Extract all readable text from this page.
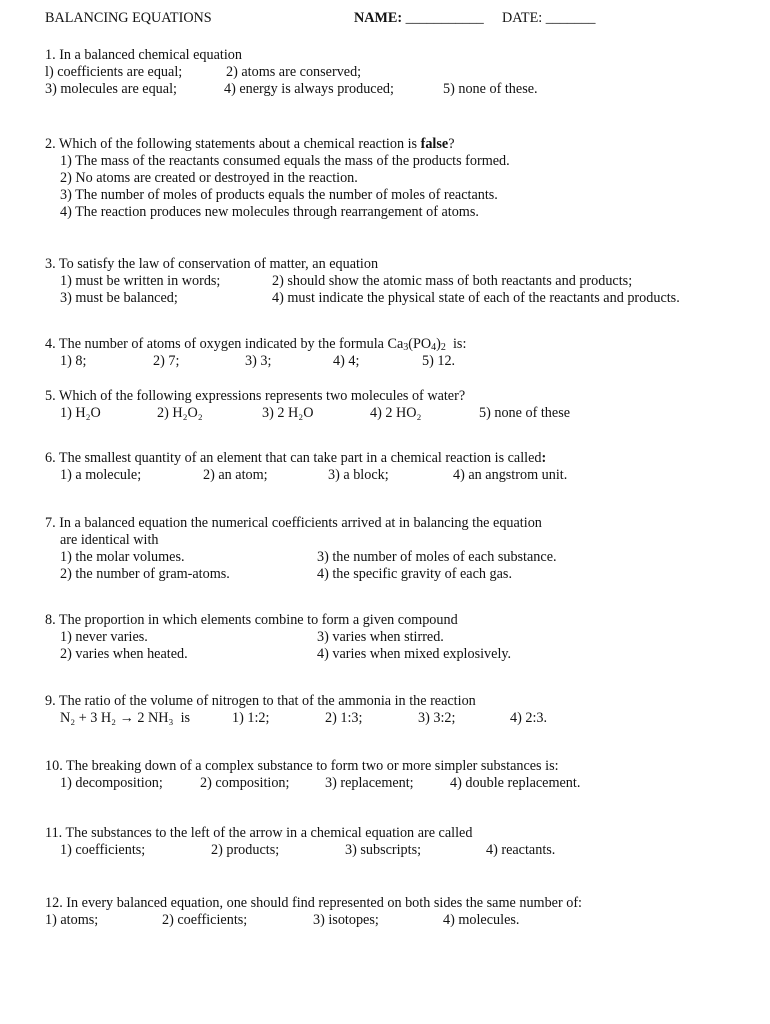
BALANCING EQUATIONS	NAME: ___________ DATE: _______
1. In a balanced chemical equation
l) coefficients are equal;	2) atoms are conserved;
3) molecules are equal;	4) energy is always produced;	5) none of these.
2. Which of the following statements about a chemical reaction is false?
1) The mass of the reactants consumed equals the mass of the products formed.
2) No atoms are created or destroyed in the reaction.
3) The number of moles of products equals the number of moles of reactants.
4) The reaction produces new molecules through rearrangement of atoms.
3. To satisfy the law of conservation of matter, an equation
1) must be written in words;	2) should show the atomic mass of both reactants and products;
3) must be balanced;	4) must indicate the physical state of each of the reactants and products.
4. The number of atoms of oxygen indicated by the formula $Ca_3(PO_4)_2$  is:
1) 8;	2) 7;	3) 3;	4) 4;	5) 12.
5. Which of the following expressions represents two molecules of water?
1) H₂O	2) H₂O₂	3) 2 H₂O	4) 2 HO₂	5) none of these
6. The smallest quantity of an element that can take part in a chemical reaction is called:
1) a molecule;	2) an atom;	3) a block;	4) an angstrom unit.
7. In a balanced equation the numerical coefficients arrived at in balancing the equation
are identical with
1) the molar volumes.	3) the number of moles of each substance.
2) the number of gram-atoms.	4) the specific gravity of each gas.
8. The proportion in which elements combine to form a given compound
1) never varies.	3) varies when stirred.
2) varies when heated.	4) varies when mixed explosively.
9. The ratio of the volume of nitrogen to that of the ammonia in the reaction
N₂ + 3 H₂ → 2 NH₃  is	1) 1:2;	2) 1:3;	3) 3:2;	4) 2:3.
10. The breaking down of a complex substance to form two or more simpler substances is:
1) decomposition;	2) composition;	3) replacement;	4) double replacement.
11. The substances to the left of the arrow in a chemical equation are called
1) coefficients;	2) products;	3) subscripts;	4) reactants.
12. In every balanced equation, one should find represented on both sides the same number of:
1) atoms;	2) coefficients;	3) isotopes;	4) molecules.
